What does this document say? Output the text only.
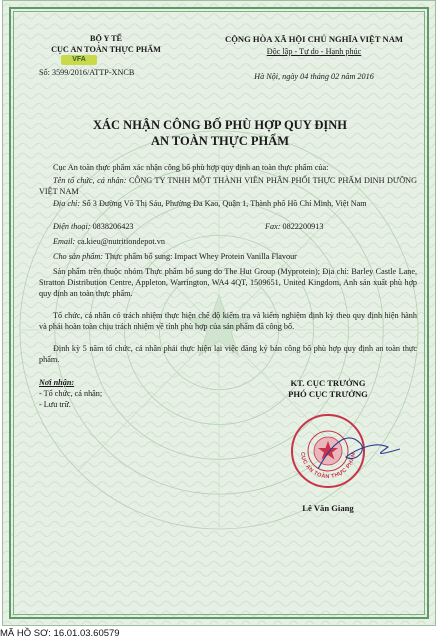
BỘ Y TẾ
CỤC AN TOÀN THỰC PHẨM
VFA
Số: 3599/2016/ATTP-XNCB
CỘNG HÒA XÃ HỘI CHỦ NGHĨA VIỆT NAM
Độc lập - Tự do - Hạnh phúc
Hà Nội, ngày 04 tháng 02 năm 2016
XÁC NHẬN CÔNG BỐ PHÙ HỢP QUY ĐỊNH
AN TOÀN THỰC PHẨM
Cục An toàn thực phẩm xác nhận công bố phù hợp quy định an toàn thực phẩm của:
Tên tổ chức, cá nhân: CÔNG TY TNHH MỘT THÀNH VIÊN PHÂN PHỐI THỰC PHẨM DINH DƯỠNG VIỆT NAM
Địa chỉ: Số 3 Đường Võ Thị Sáu, Phường Đa Kao, Quận 1, Thành phố Hồ Chí Minh, Việt Nam
Điện thoại: 0838206423	Fax: 0822200913
Email: ca.kieu@nutritiondepot.vn
Cho sản phẩm: Thực phẩm bổ sung: Impact Whey Protein Vanilla Flavour
Sản phẩm trên thuộc nhóm Thực phẩm bổ sung do The Hut Group (Myprotein); Địa chỉ: Barley Castle Lane, Stratton Distribution Centre, Appleton, Warrington, WA4 4QT, 1509651, United Kingdom, Anh sản xuất phù hợp quy định an toàn thực phẩm.
Tổ chức, cá nhân có trách nhiệm thực hiện chế độ kiểm tra và kiểm nghiệm định kỳ theo quy định hiện hành và phải hoàn toàn chịu trách nhiệm về tính phù hợp của sản phẩm đã công bố.
Định kỳ 5 năm tổ chức, cá nhân phải thực hiện lại việc đăng ký bản công bố phù hợp quy định an toàn thực phẩm.
Nơi nhận:
- Tổ chức, cá nhân;
- Lưu trữ.
KT. CỤC TRƯỞNG
PHÓ CỤC TRƯỞNG
CỤC AN TOÀN THỰC PHẨM
Lê Văn Giang
MÃ HỒ SƠ: 16.01.03.60579
